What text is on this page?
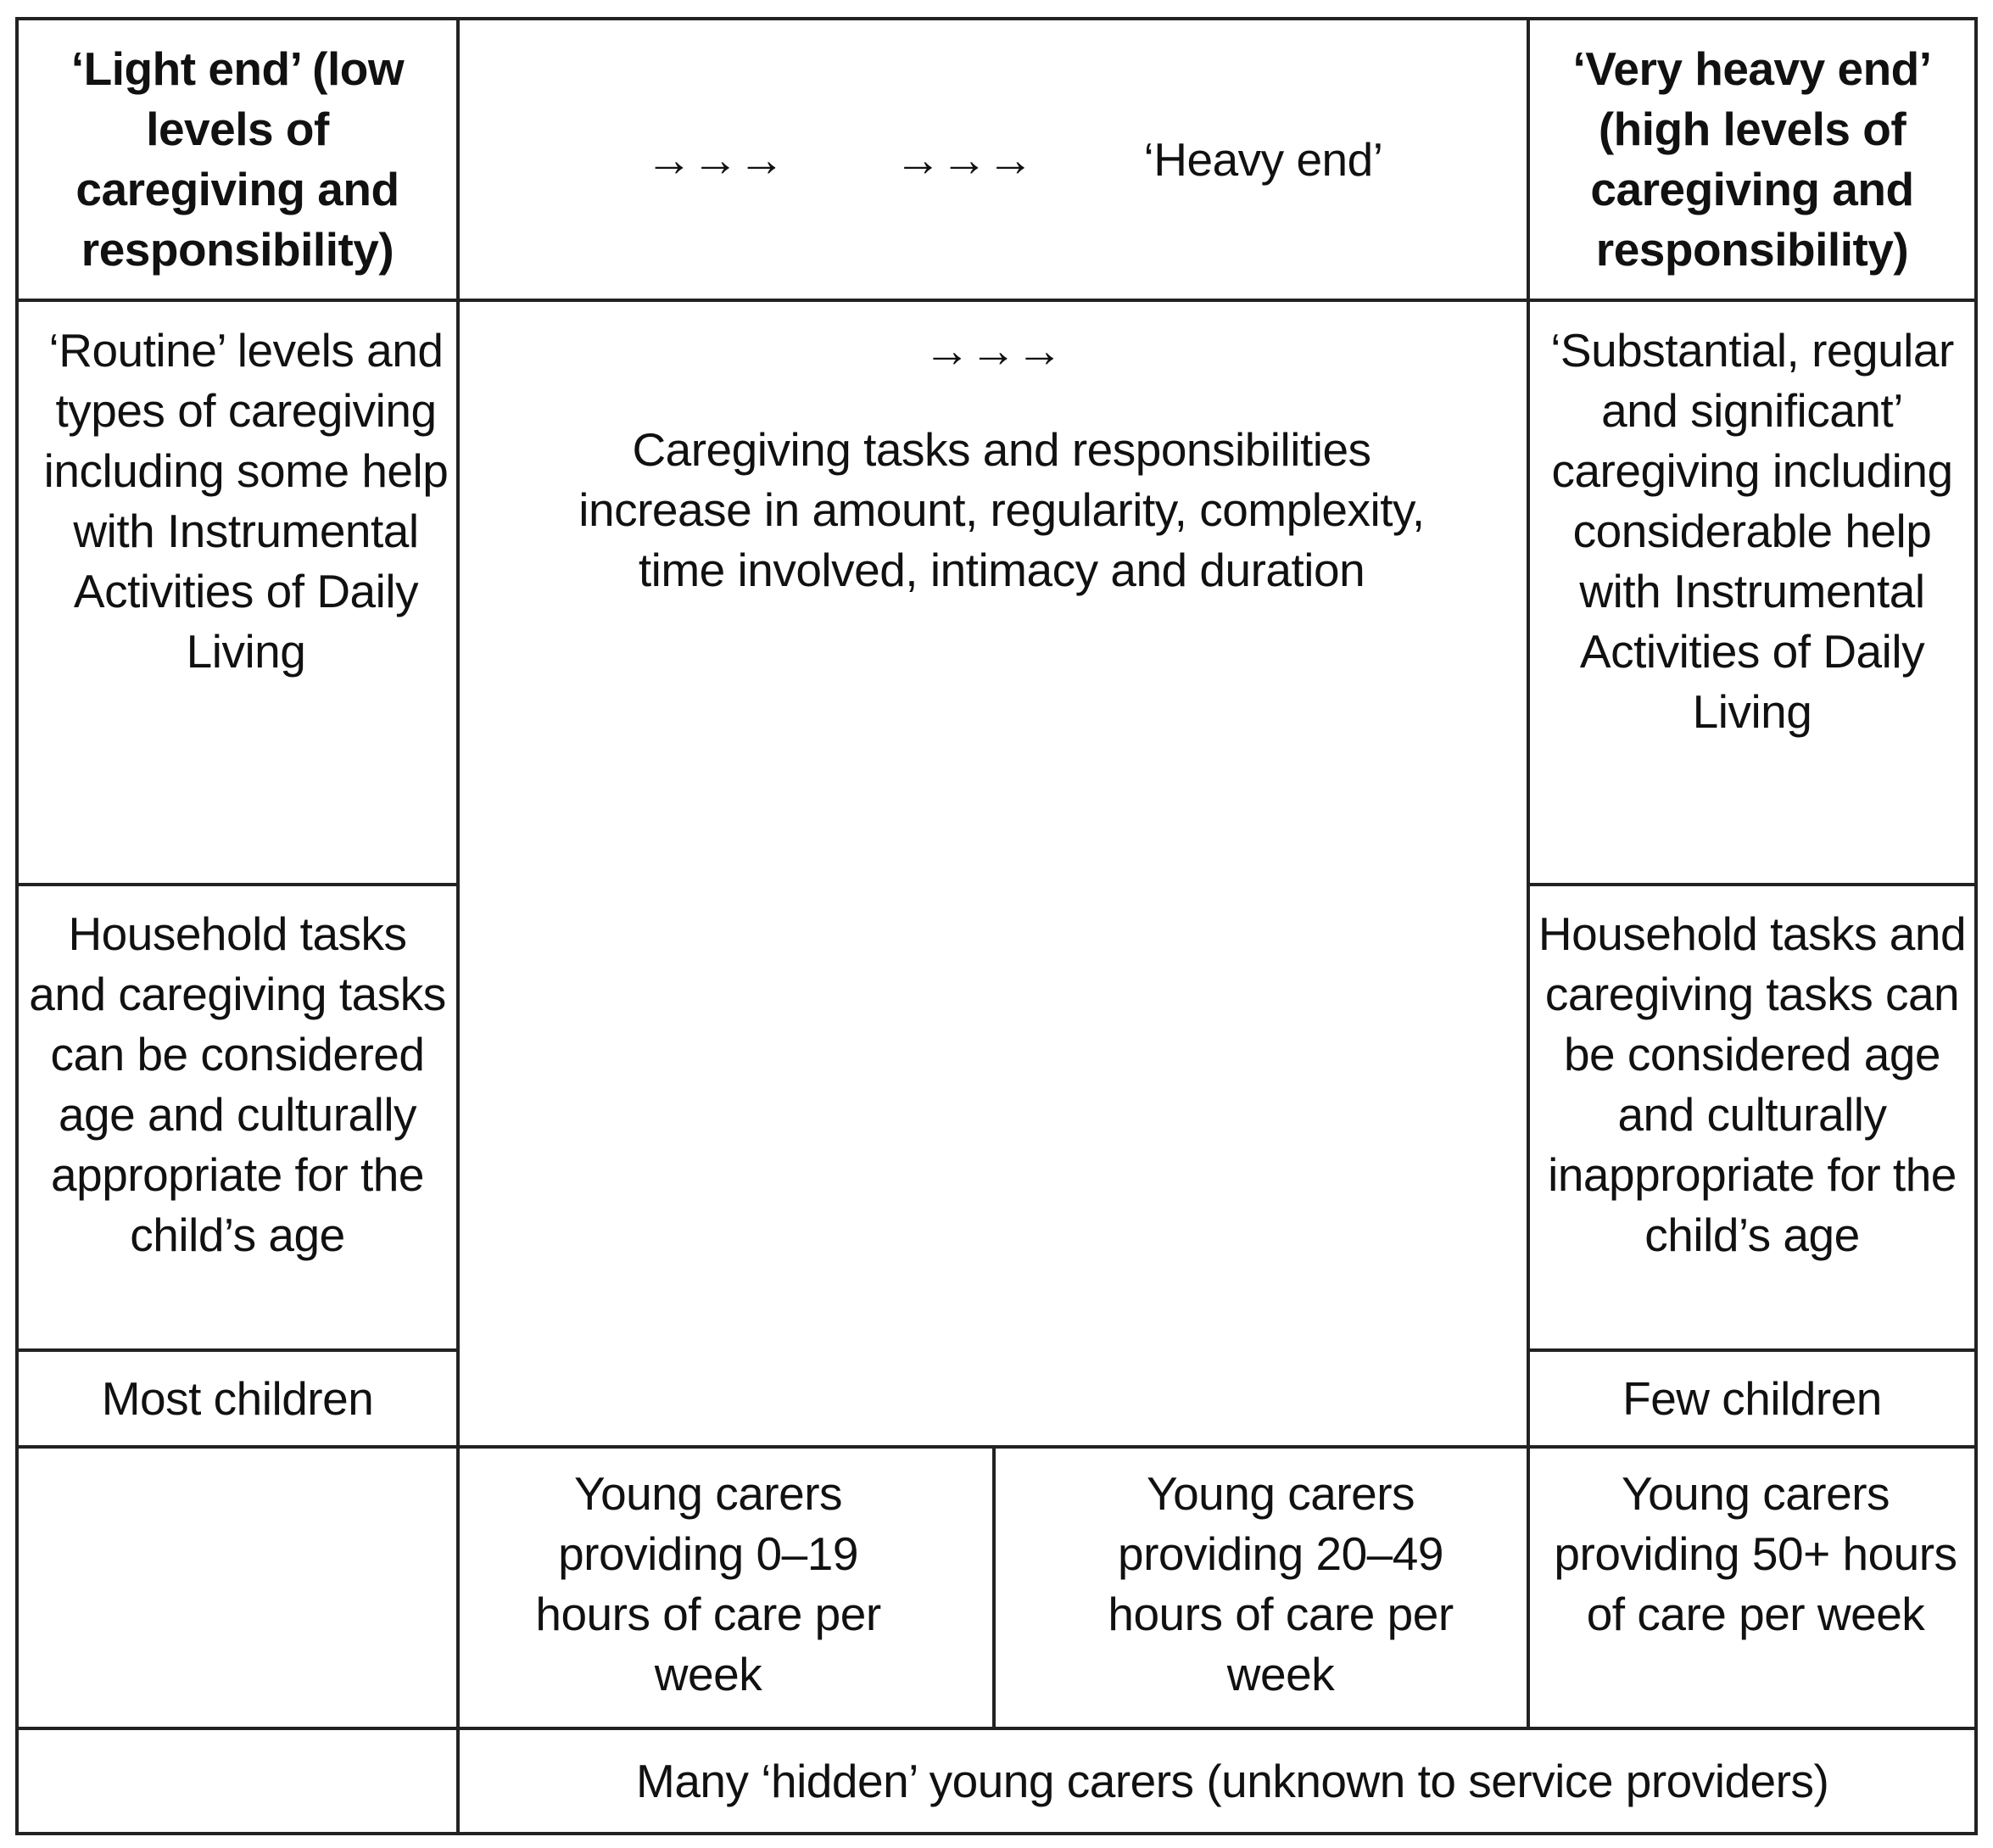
‘Light end’ (low levels of caregiving and responsibility)
→→→ →→→ ‘Heavy end’
‘Very heavy end’ (high levels of caregiving and responsibility)
‘Routine’ levels and types of caregiving including some help with Instrumental Activities of Daily Living
→→→
Caregiving tasks and responsibilities increase in amount, regularity, complexity, time involved, intimacy and duration
‘Substantial, regular and significant’ caregiving including considerable help with Instrumental Activities of Daily Living
Household tasks and caregiving tasks can be considered age and culturally appropriate for the child’s age
Household tasks and caregiving tasks can be considered age and culturally inappropriate for the child’s age
Most children	Few children
Young carers providing 0–19 hours of care per week
Young carers providing 20–49 hours of care per week
Young carers providing 50+ hours of care per week
Many ‘hidden’ young carers (unknown to service providers)
